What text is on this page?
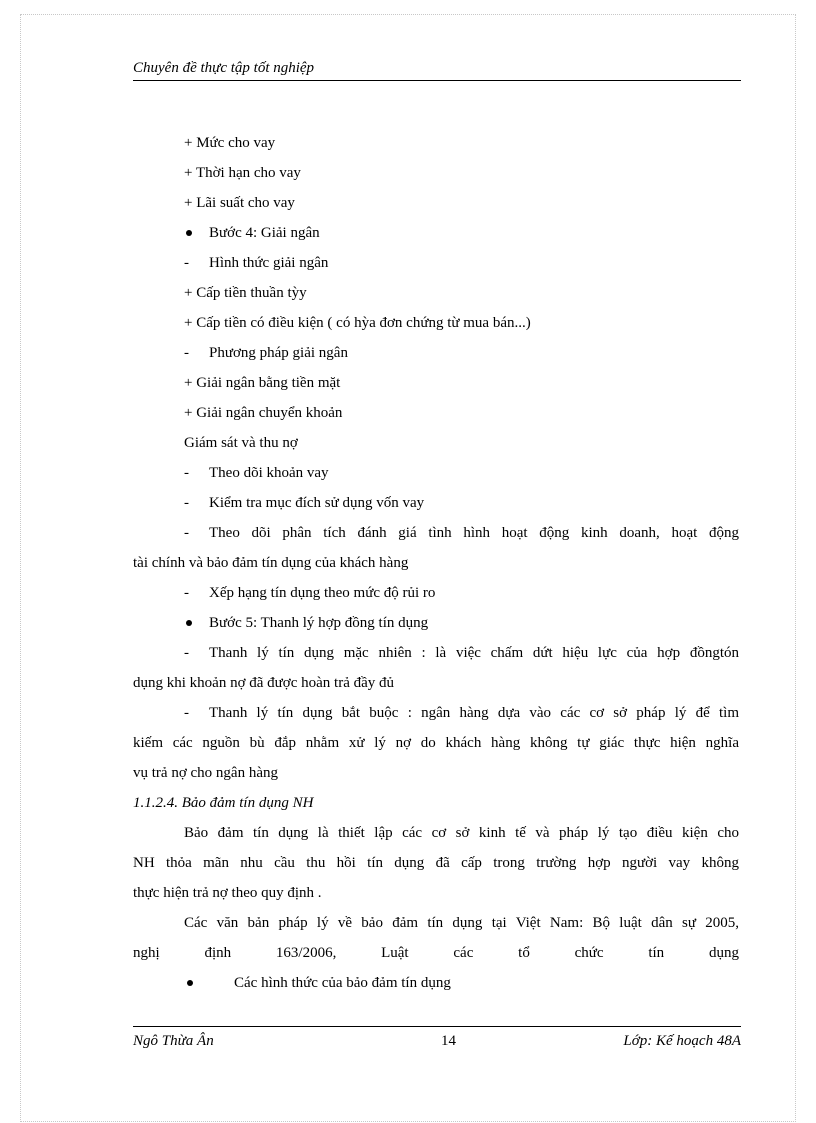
Chuyên đề thực tập tốt nghiệp
+ Mức cho vay
+ Thời hạn cho vay
+ Lãi suất cho vay
Bước 4: Giải ngân
- Hình thức giải ngân
+ Cấp tiền thuần tỳy
+ Cấp tiền có điều kiện ( có hỳa đơn chứng từ mua bán...)
- Phương pháp giải ngân
+ Giải ngân bằng tiền mặt
+ Giải ngân chuyển khoản
Giám sát và thu nợ
- Theo dõi khoản vay
- Kiểm tra mục đích sử dụng vốn vay
- Theo dõi phân tích đánh giá tình hình hoạt động kinh doanh, hoạt động
tài chính và bảo đảm tín dụng của khách hàng
- Xếp hạng tín dụng theo mức độ rủi ro
Bước 5: Thanh lý hợp đồng tín dụng
- Thanh lý tín dụng mặc nhiên : là việc chấm dứt hiệu lực của hợp đồngtón
dụng khi khoản nợ đã được hoàn trả đầy đủ
- Thanh lý tín dụng bắt buộc : ngân hàng dựa vào các cơ sở pháp lý để tìm
kiếm các nguồn bù đắp nhằm xử lý nợ do khách hàng không tự giác thực hiện nghĩa
vụ trả nợ cho ngân hàng
1.1.2.4. Bảo đảm tín dụng NH
Bảo đảm tín dụng là thiết lập các cơ sở kinh tế và pháp lý tạo điều kiện cho
NH thỏa mãn nhu cầu thu hồi tín dụng đã cấp trong trường hợp người vay không
thực hiện trả nợ theo quy định .
Các văn bản pháp lý về bảo đảm tín dụng tại Việt Nam: Bộ luật dân sự 2005,
nghị	định	163/2006,	Luật	các	tổ	chức	tín	dụng
Các hình thức của bảo đảm tín dụng
Ngô Thừa Ân	14	Lớp: Kế hoạch 48A
